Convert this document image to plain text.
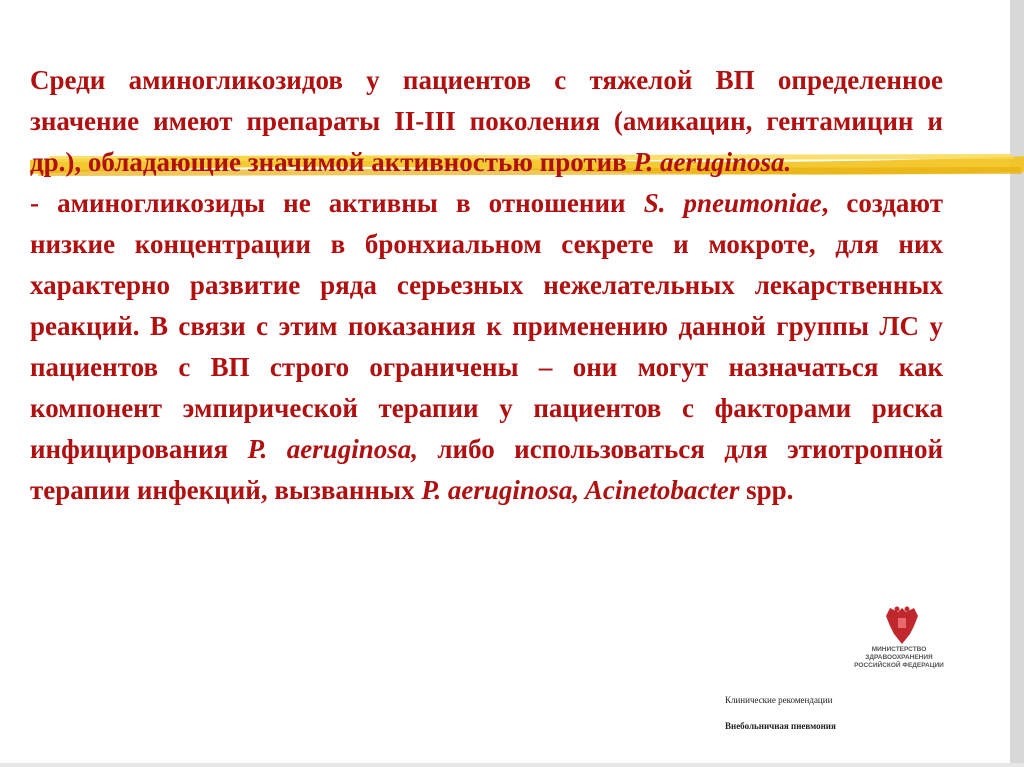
Среди аминогликозидов у пациентов с тяжелой ВП определенное значение имеют препараты II-III поколения (амикацин, гентамицин и др.), обладающие значимой активностью против P. aeruginosa.

- аминогликозиды не активны в отношении S. pneumoniae, создают низкие концентрации в бронхиальном секрете и мокроте, для них характерно развитие ряда серьезных нежелательных лекарственных реакций. В связи с этим показания к применению данной группы ЛС у пациентов с ВП строго ограничены – они могут назначаться как компонент эмпирической терапии у пациентов с факторами риска инфицирования P. aeruginosa, либо использоваться для этиотропной терапии инфекций, вызванных P. aeruginosa, Acinetobacter spp.

МИНИСТЕРСТВО
ЗДРАВООХРАНЕНИЯ
РОССИЙСКОЙ ФЕДЕРАЦИИ
Клинические рекомендации
Внебольничная пневмония
